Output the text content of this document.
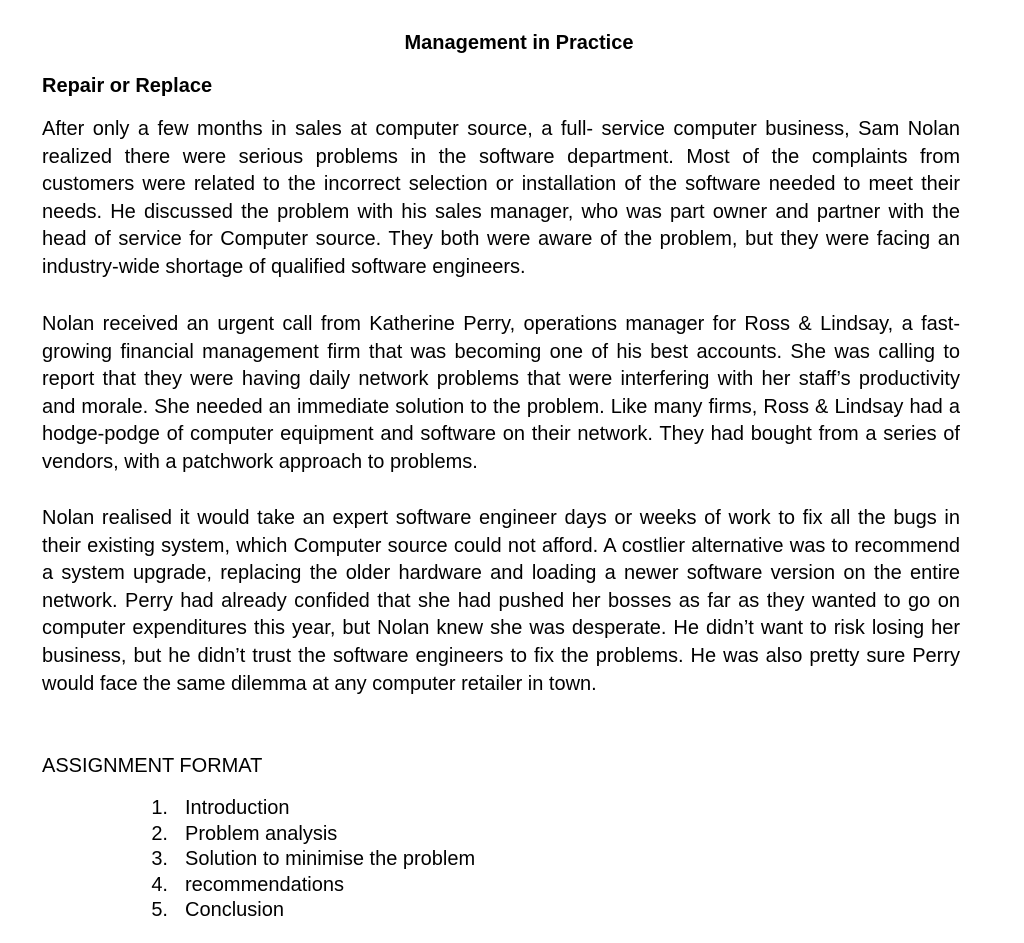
Management in Practice
Repair or Replace

After only a few months in sales at computer source, a full- service computer business, Sam Nolan realized there were serious problems in the software department. Most of the complaints from customers were related to the incorrect selection or installation of the software needed to meet their needs. He discussed the problem with his sales manager, who was part owner and partner with the head of service for Computer source. They both were aware of the problem, but they were facing an industry-wide shortage of qualified software engineers.

Nolan received an urgent call from Katherine Perry, operations manager for Ross & Lindsay, a fast-growing financial management firm that was becoming one of his best accounts. She was calling to report that they were having daily network problems that were interfering with her staff’s productivity and morale. She needed an immediate solution to the problem. Like many firms, Ross & Lindsay had a hodge-podge of computer equipment and software on their network. They had bought from a series of vendors, with a patchwork approach to problems.

Nolan realised it would take an expert software engineer days or weeks of work to fix all the bugs in their existing system, which Computer source could not afford. A costlier alternative was to recommend a system upgrade, replacing the older hardware and loading a newer software version on the entire network. Perry had already confided that she had pushed her bosses as far as they wanted to go on computer expenditures this year, but Nolan knew she was desperate. He didn’t want to risk losing her business, but he didn’t trust the software engineers to fix the problems. He was also pretty sure Perry would face the same dilemma at any computer retailer in town.

ASSIGNMENT FORMAT
1. Introduction
2. Problem analysis
3. Solution to minimise the problem
4. recommendations
5. Conclusion
